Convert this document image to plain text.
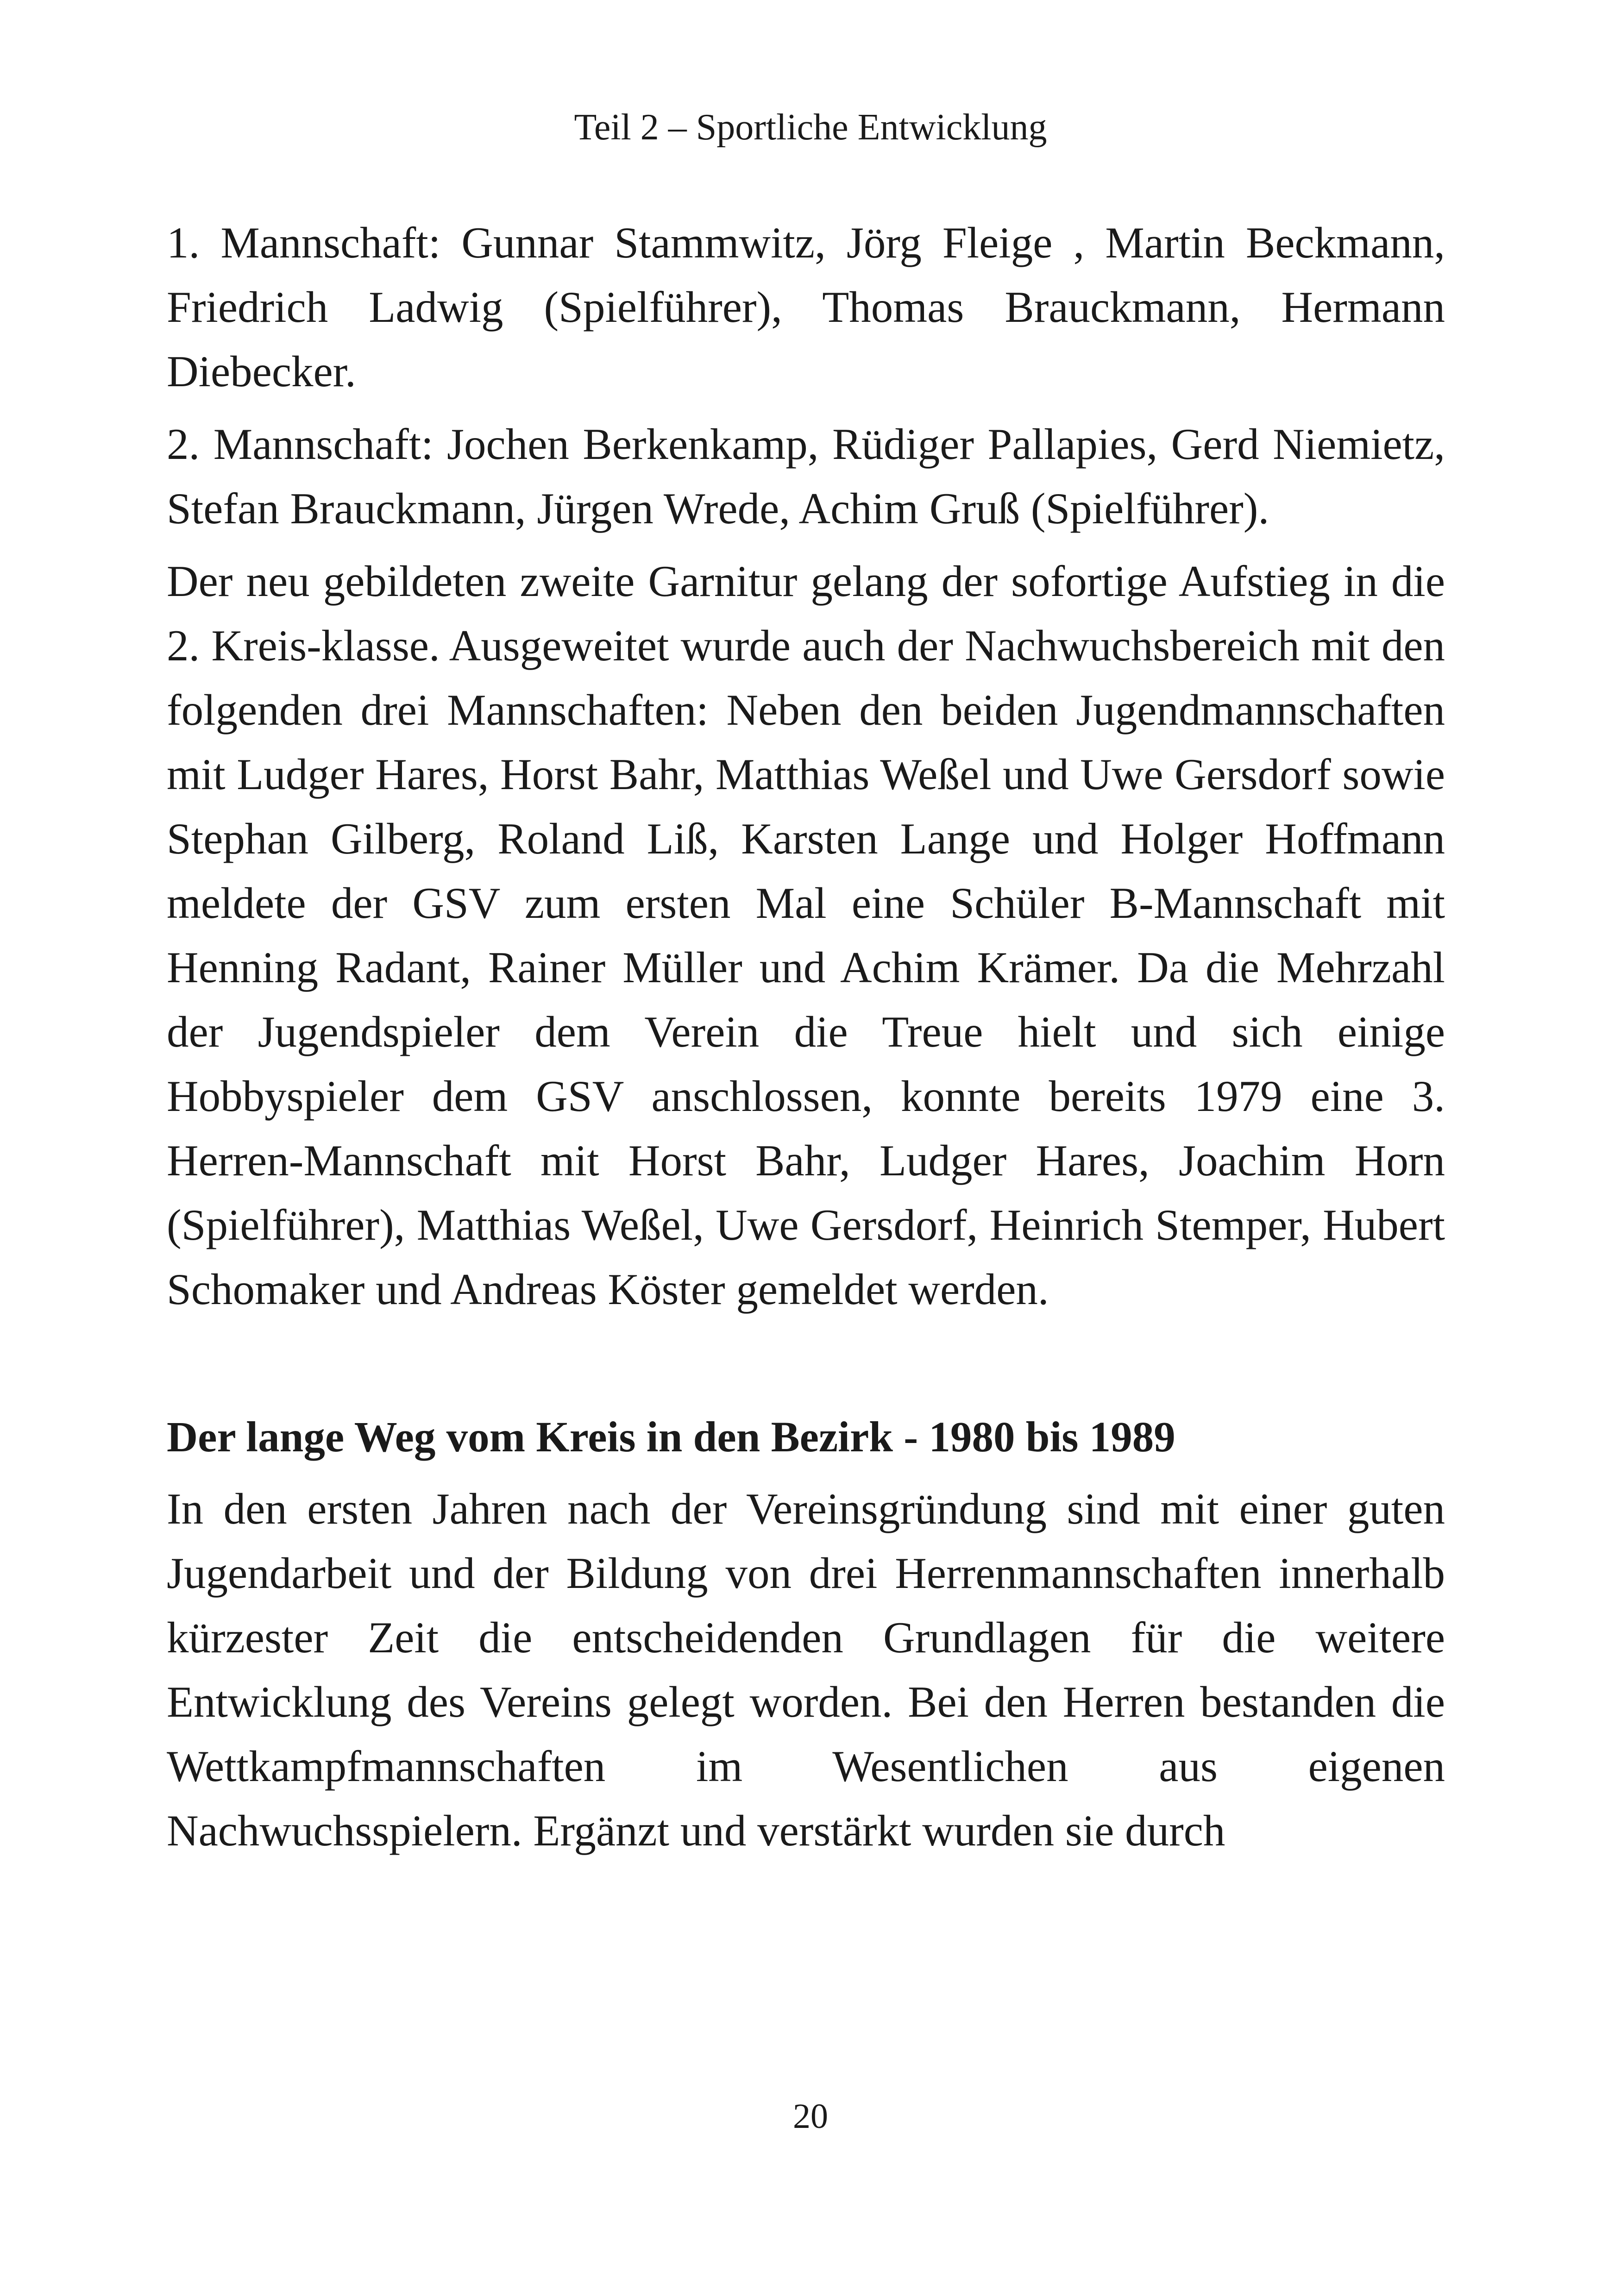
Teil 2 – Sportliche Entwicklung

1. Mannschaft: Gunnar Stammwitz, Jörg Fleige , Martin Beckmann, Friedrich Ladwig (Spielführer), Thomas Brauckmann, Hermann Diebecker.

2. Mannschaft: Jochen Berkenkamp, Rüdiger Pallapies, Gerd Niemietz, Stefan Brauckmann, Jürgen Wrede, Achim Gruß (Spielführer).

Der neu gebildeten zweite Garnitur gelang der sofortige Aufstieg in die 2. Kreis-klasse. Ausgeweitet wurde auch der Nachwuchsbereich mit den folgenden drei Mannschaften: Neben den beiden Jugendmannschaften mit Ludger Hares, Horst Bahr, Matthias Weßel und Uwe Gersdorf sowie Stephan Gilberg, Roland Liß, Karsten Lange und Holger Hoffmann meldete der GSV zum ersten Mal eine Schüler B-Mannschaft mit Henning Radant, Rainer Müller und Achim Krämer. Da die Mehrzahl der Jugendspieler dem Verein die Treue hielt und sich einige Hobbyspieler dem GSV anschlossen, konnte bereits 1979 eine 3. Herren-Mannschaft mit Horst Bahr, Ludger Hares, Joachim Horn (Spielführer), Matthias Weßel, Uwe Gersdorf, Heinrich Stemper, Hubert Schomaker und Andreas Köster gemeldet werden.

Der lange Weg vom Kreis in den Bezirk - 1980 bis 1989

In den ersten Jahren nach der Vereinsgründung sind mit einer guten Jugendarbeit und der Bildung von drei Herrenmannschaften innerhalb kürzester Zeit die entscheidenden Grundlagen für die weitere Entwicklung des Vereins gelegt worden. Bei den Herren bestanden die Wettkampfmannschaften im Wesentlichen aus eigenen Nachwuchsspielern. Ergänzt und verstärkt wurden sie durch

20
